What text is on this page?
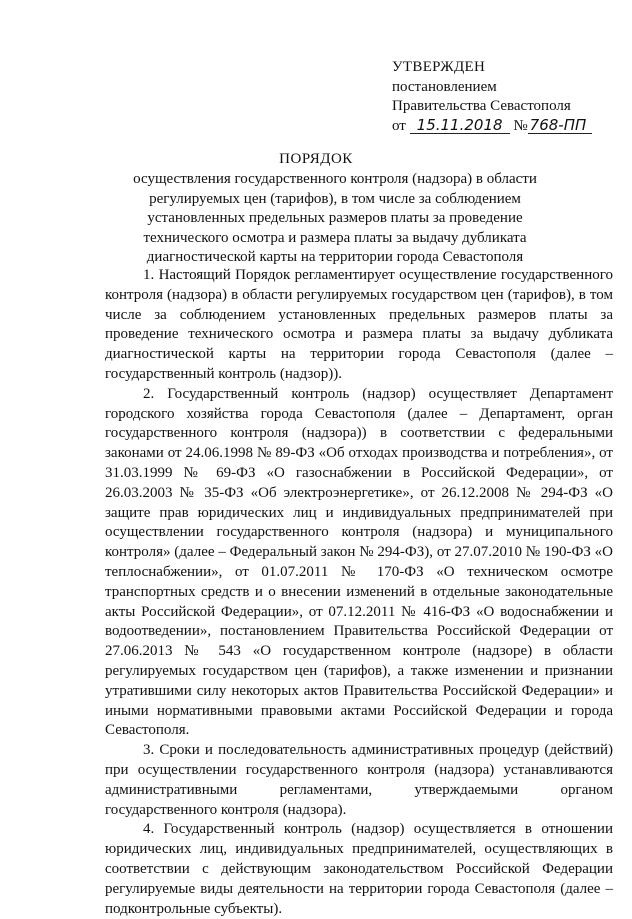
УТВЕРЖДЕН
постановлением
Правительства Севастополя
от 15.11.2018 № 768-ПП
ПОРЯДОК
осуществления государственного контроля (надзора) в области регулируемых цен (тарифов), в том числе за соблюдением установленных предельных размеров платы за проведение технического осмотра и размера платы за выдачу дубликата диагностической карты на территории города Севастополя

1. Настоящий Порядок регламентирует осуществление государственного контроля (надзора) в области регулируемых государством цен (тарифов), в том числе за соблюдением установленных предельных размеров платы за проведение технического осмотра и размера платы за выдачу дубликата диагностической карты на территории города Севастополя (далее – государственный контроль (надзор)).

2. Государственный контроль (надзор) осуществляет Департамент городского хозяйства города Севастополя (далее – Департамент, орган государственного контроля (надзора)) в соответствии с федеральными законами от 24.06.1998 № 89-ФЗ «Об отходах производства и потребления», от 31.03.1999 № 69-ФЗ «О газоснабжении в Российской Федерации», от 26.03.2003 № 35-ФЗ «Об электроэнергетике», от 26.12.2008 № 294-ФЗ «О защите прав юридических лиц и индивидуальных предпринимателей при осуществлении государственного контроля (надзора) и муниципального контроля» (далее – Федеральный закон № 294-ФЗ), от 27.07.2010 № 190-ФЗ «О теплоснабжении», от 01.07.2011 № 170-ФЗ «О техническом осмотре транспортных средств и о внесении изменений в отдельные законодательные акты Российской Федерации», от 07.12.2011 № 416-ФЗ «О водоснабжении и водоотведении», постановлением Правительства Российской Федерации от 27.06.2013 № 543 «О государственном контроле (надзоре) в области регулируемых государством цен (тарифов), а также изменении и признании утратившими силу некоторых актов Правительства Российской Федерации» и иными нормативными правовыми актами Российской Федерации и города Севастополя.

3. Сроки и последовательность административных процедур (действий) при осуществлении государственного контроля (надзора) устанавливаются административными регламентами, утверждаемыми органом государственного контроля (надзора).

4. Государственный контроль (надзор) осуществляется в отношении юридических лиц, индивидуальных предпринимателей, осуществляющих в соответствии с действующим законодательством Российской Федерации регулируемые виды деятельности на территории города Севастополя (далее – подконтрольные субъекты).
